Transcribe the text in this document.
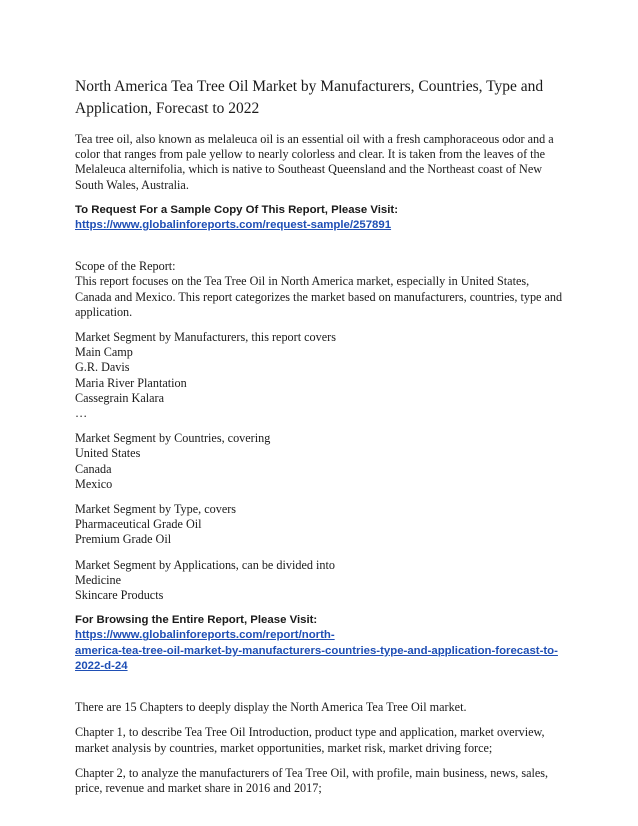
North America Tea Tree Oil Market by Manufacturers, Countries, Type and
Application, Forecast to 2022

Tea tree oil, also known as melaleuca oil is an essential oil with a fresh camphoraceous odor and a
color that ranges from pale yellow to nearly colorless and clear. It is taken from the leaves of the
Melaleuca alternifolia, which is native to Southeast Queensland and the Northeast coast of New
South Wales, Australia.

To Request For a Sample Copy Of This Report, Please Visit:
https://www.globalinforeports.com/request-sample/257891

Scope of the Report:
This report focuses on the Tea Tree Oil in North America market, especially in United States,
Canada and Mexico. This report categorizes the market based on manufacturers, countries, type and
application.

Market Segment by Manufacturers, this report covers
Main Camp
G.R. Davis
Maria River Plantation
Cassegrain Kalara
…

Market Segment by Countries, covering
United States
Canada
Mexico

Market Segment by Type, covers
Pharmaceutical Grade Oil
Premium Grade Oil

Market Segment by Applications, can be divided into
Medicine
Skincare Products

For Browsing the Entire Report, Please Visit: https://www.globalinforeports.com/report/north-
america-tea-tree-oil-market-by-manufacturers-countries-type-and-application-forecast-to-2022-d-24

There are 15 Chapters to deeply display the North America Tea Tree Oil market.

Chapter 1, to describe Tea Tree Oil Introduction, product type and application, market overview,
market analysis by countries, market opportunities, market risk, market driving force;

Chapter 2, to analyze the manufacturers of Tea Tree Oil, with profile, main business, news, sales,
price, revenue and market share in 2016 and 2017;
